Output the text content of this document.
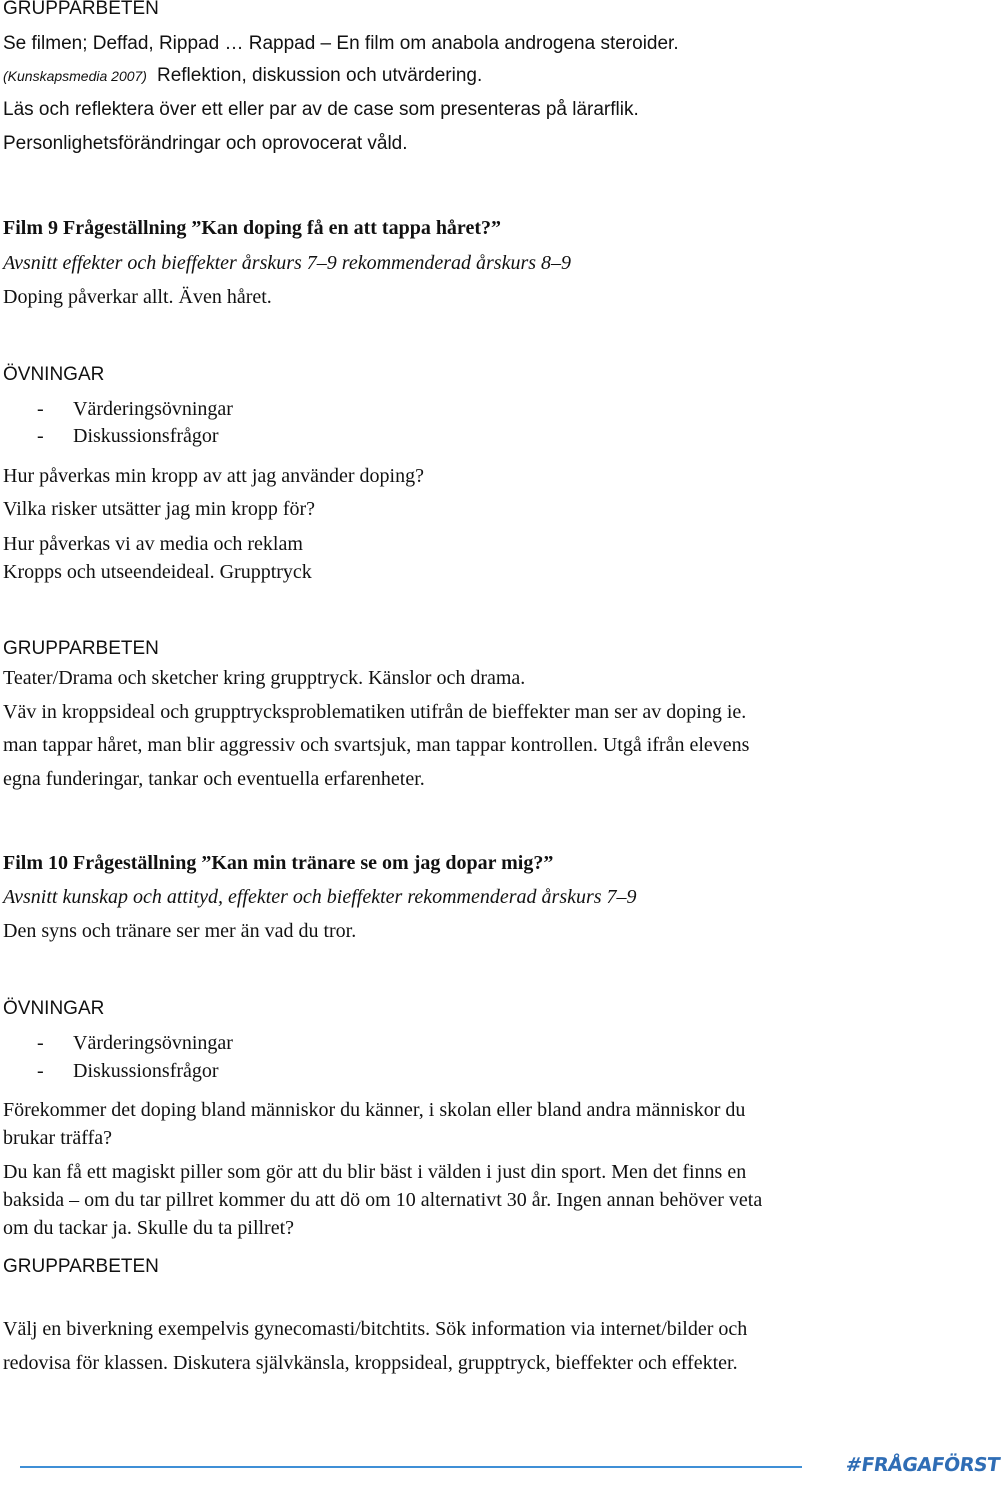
GRUPPARBETEN
Se filmen; Deffad, Rippad … Rappad – En film om anabola androgena steroider.
(Kunskapsmedia 2007) Reflektion, diskussion och utvärdering.
Läs och reflektera över ett eller par av de case som presenteras på lärarflik.
Personlighetsförändringar och oprovocerat våld.
Film 9 Frågeställning ”Kan doping få en att tappa håret?”
Avsnitt effekter och bieffekter årskurs 7–9 rekommenderad årskurs 8–9
Doping påverkar allt. Även håret.
ÖVNINGAR
- Värderingsövningar
- Diskussionsfrågor
Hur påverkas min kropp av att jag använder doping?
Vilka risker utsätter jag min kropp för?
Hur påverkas vi av media och reklam
Kropps och utseendeideal. Grupptryck
GRUPPARBETEN
Teater/Drama och sketcher kring grupptryck. Känslor och drama.
Väv in kroppsideal och grupptrycksproblematiken utifrån de bieffekter man ser av doping ie.
man tappar håret, man blir aggressiv och svartsjuk, man tappar kontrollen. Utgå ifrån elevens
egna funderingar, tankar och eventuella erfarenheter.
Film 10 Frågeställning ”Kan min tränare se om jag dopar mig?”
Avsnitt kunskap och attityd, effekter och bieffekter rekommenderad årskurs 7–9
Den syns och tränare ser mer än vad du tror.
ÖVNINGAR
- Värderingsövningar
- Diskussionsfrågor
Förekommer det doping bland människor du känner, i skolan eller bland andra människor du
brukar träffa?
Du kan få ett magiskt piller som gör att du blir bäst i välden i just din sport. Men det finns en
baksida – om du tar pillret kommer du att dö om 10 alternativt 30 år. Ingen annan behöver veta
om du tackar ja. Skulle du ta pillret?
GRUPPARBETEN
Välj en biverkning exempelvis gynecomasti/bitchtits. Sök information via internet/bilder och
redovisa för klassen. Diskutera självkänsla, kroppsideal, grupptryck, bieffekter och effekter.
#FRÅGAFÖRST
